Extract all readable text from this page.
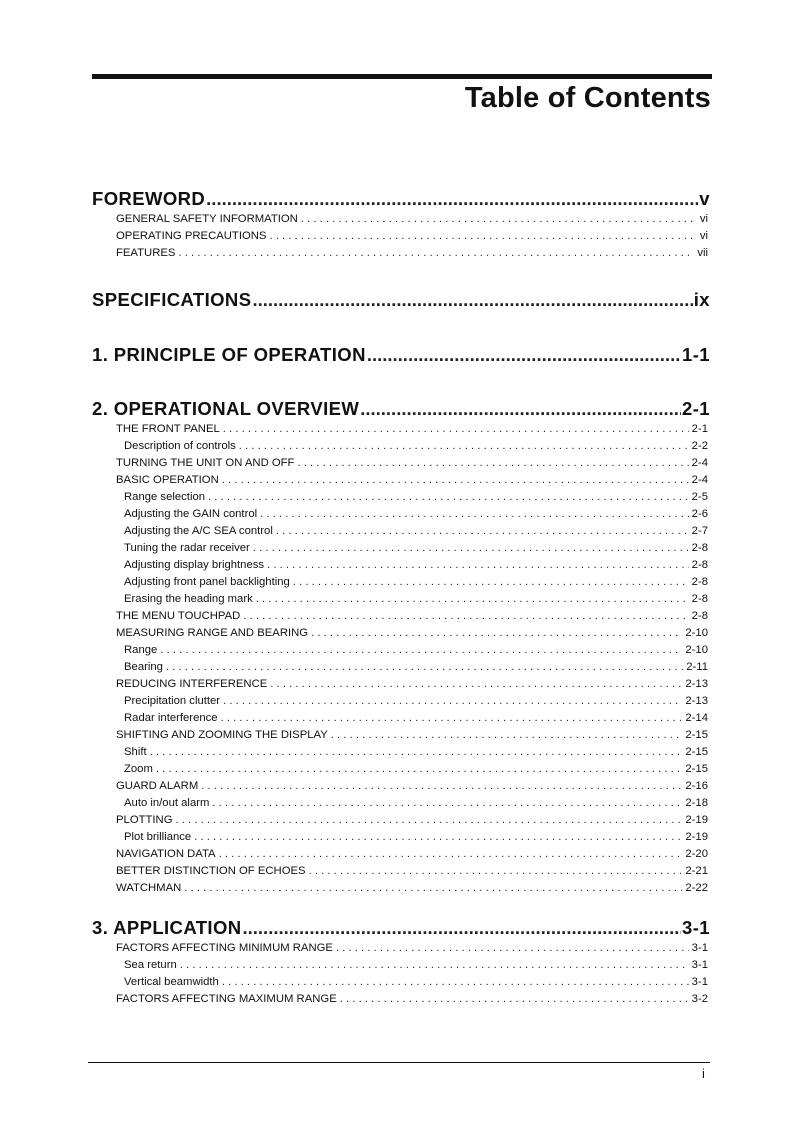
Table of Contents
FOREWORD .....	v
GENERAL SAFETY INFORMATION . . .	vi
OPERATING PRECAUTIONS . . .	vi
FEATURES . . .	vii
SPECIFICATIONS .....	ix
1. PRINCIPLE OF OPERATION .....	1-1
2. OPERATIONAL OVERVIEW .....	2-1
THE FRONT PANEL . . .	2-1
Description of controls . . .	2-2
TURNING THE UNIT ON AND OFF . . .	2-4
BASIC OPERATION . . .	2-4
Range selection . . .	2-5
Adjusting the GAIN control . . .	2-6
Adjusting the A/C SEA control . . .	2-7
Tuning the radar receiver . . .	2-8
Adjusting display brightness . . .	2-8
Adjusting front panel backlighting . . .	2-8
Erasing the heading mark . . .	2-8
THE MENU TOUCHPAD . . .	2-8
MEASURING RANGE AND BEARING . . .	2-10
Range . . .	2-10
Bearing . . .	2-11
REDUCING INTERFERENCE . . .	2-13
Precipitation clutter . . .	2-13
Radar interference . . .	2-14
SHIFTING AND ZOOMING THE DISPLAY . . .	2-15
Shift . . .	2-15
Zoom . . .	2-15
GUARD ALARM . . .	2-16
Auto in/out alarm . . .	2-18
PLOTTING . . .	2-19
Plot brilliance . . .	2-19
NAVIGATION DATA . . .	2-20
BETTER DISTINCTION OF ECHOES . . .	2-21
WATCHMAN . . .	2-22
3. APPLICATION .....	3-1
FACTORS AFFECTING MINIMUM RANGE . . .	3-1
Sea return . . .	3-1
Vertical beamwidth . . .	3-1
FACTORS AFFECTING MAXIMUM RANGE . . .	3-2
i
